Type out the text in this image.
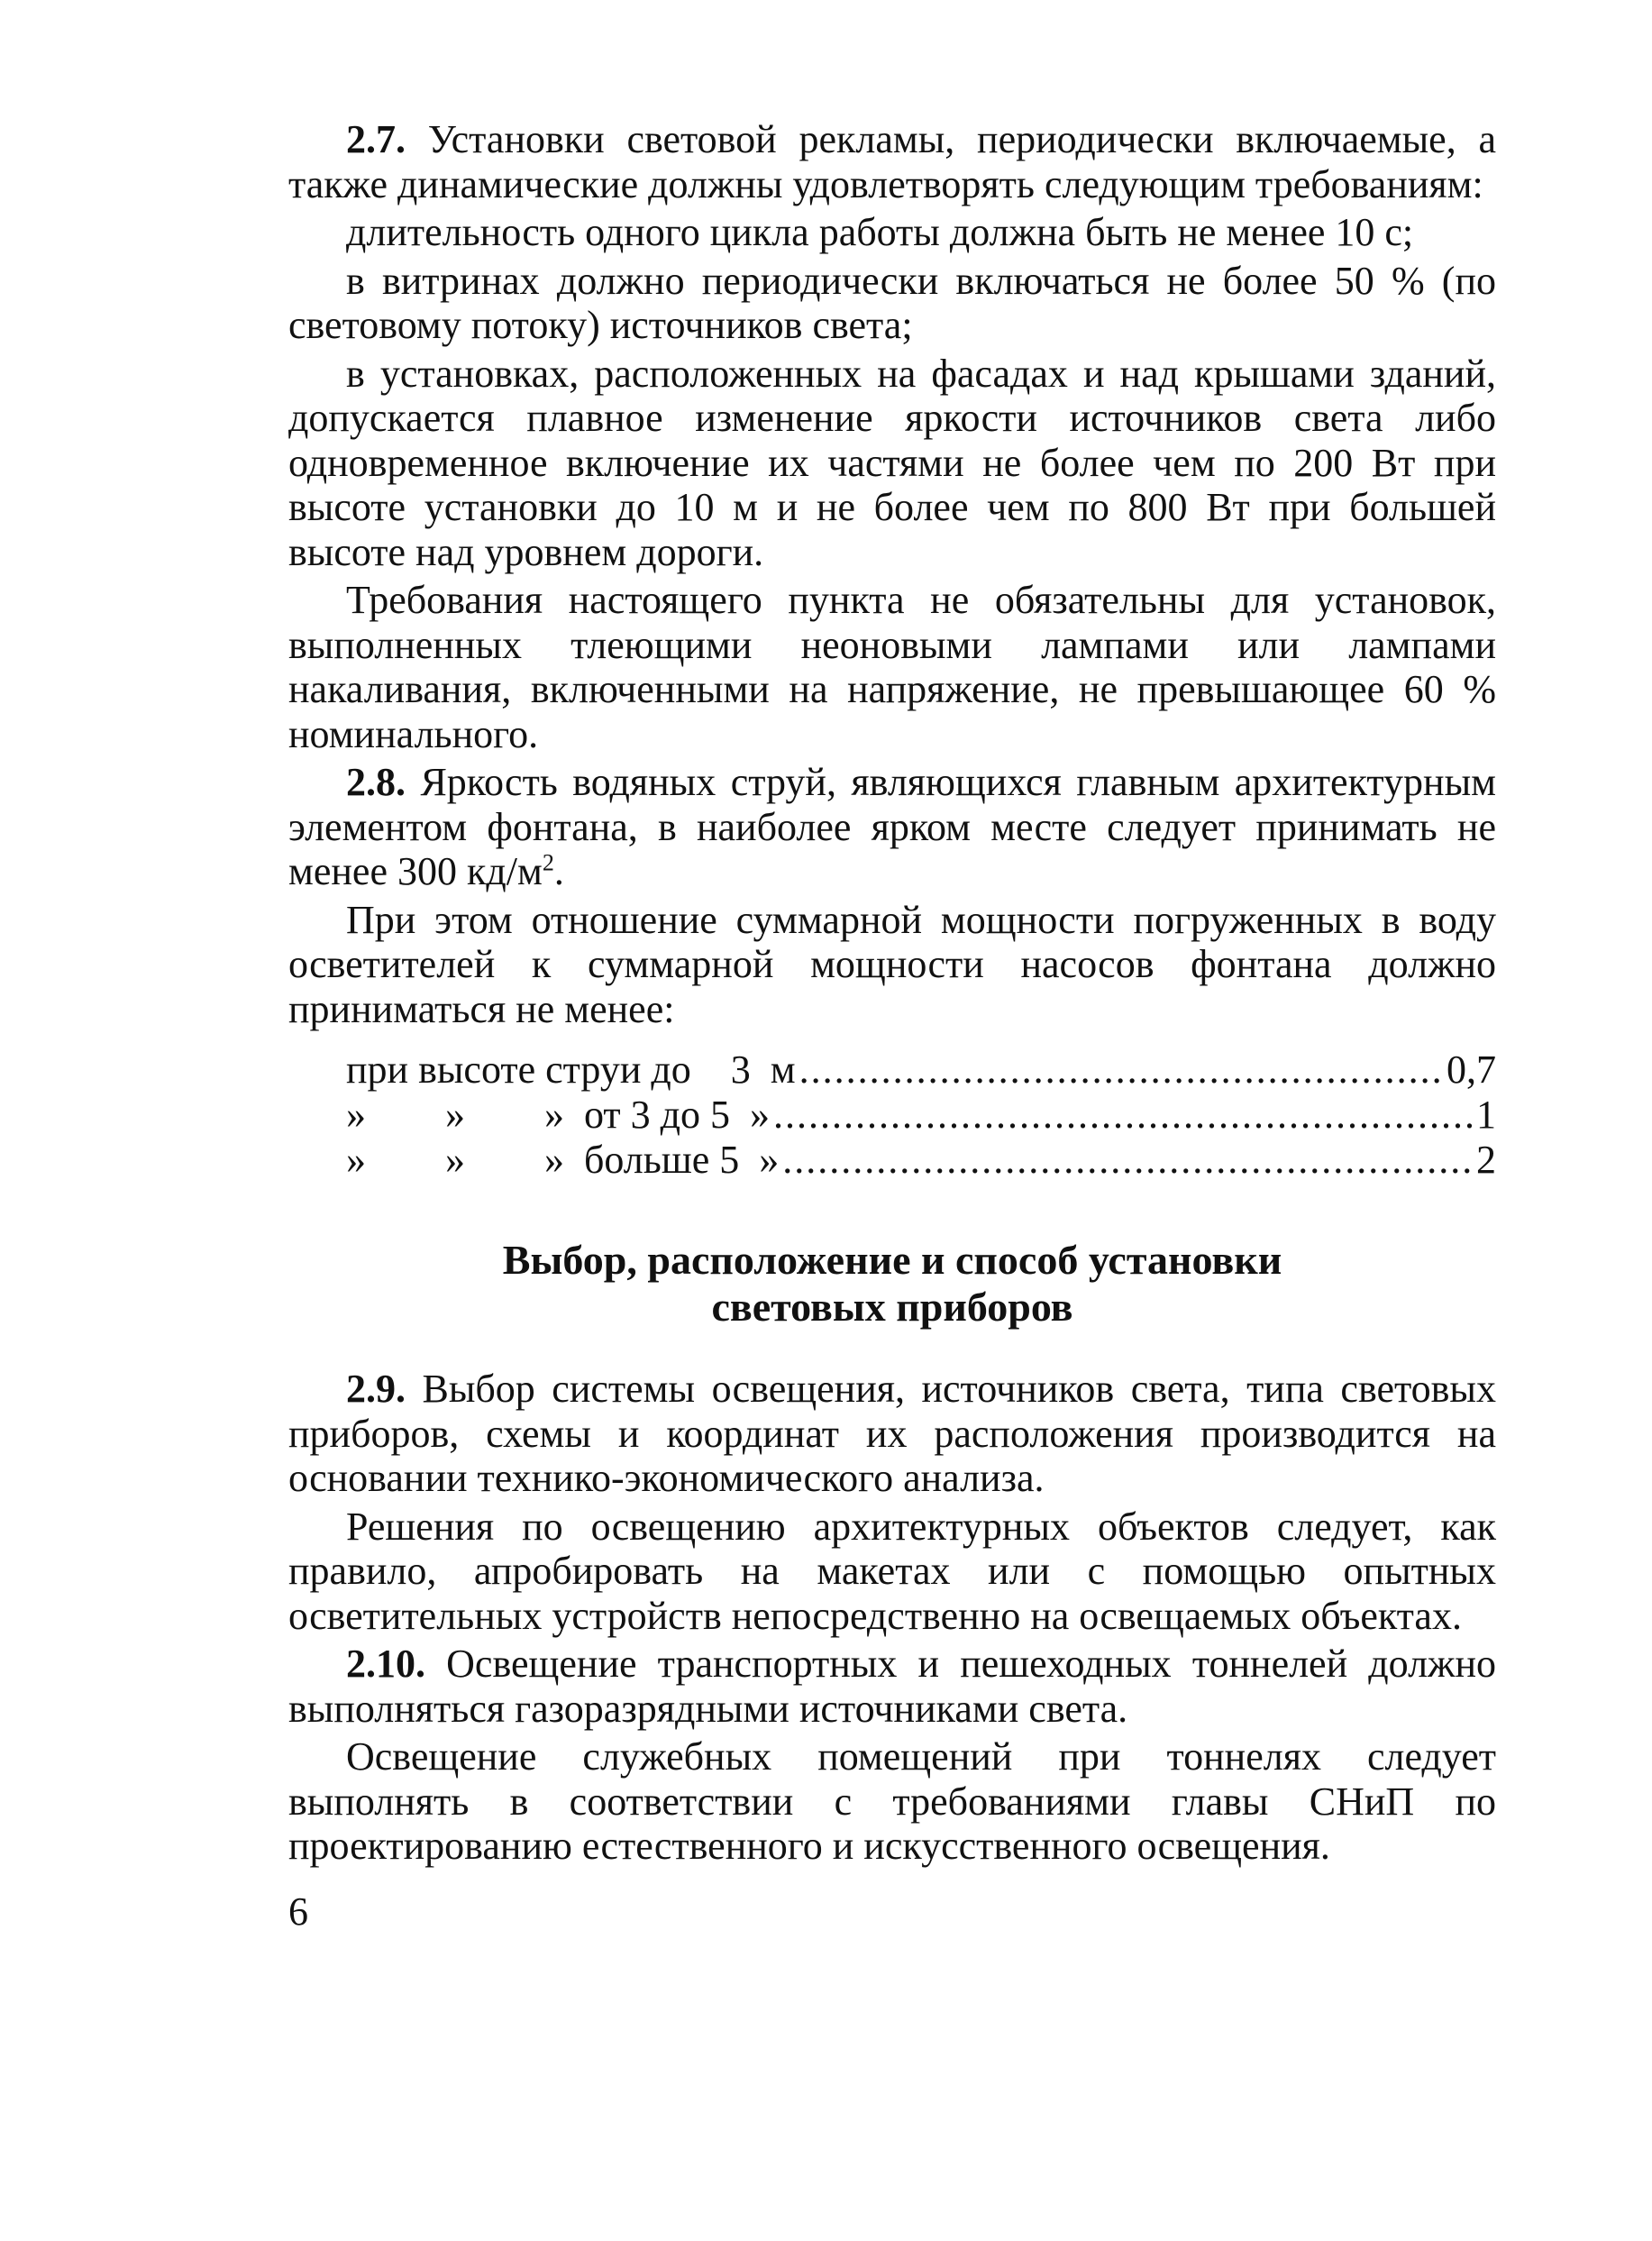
2.7. Установки световой рекламы, периодически включаемые, а также динамические должны удовлетворять следующим требованиям:

длительность одного цикла работы должна быть не менее 10 с;

в витринах должно периодически включаться не более 50 % (по световому потоку) источников света;

в установках, расположенных на фасадах и над крышами зданий, допускается плавное изменение яркости источников света либо одновременное включение их частями не более чем по 200 Вт при высоте установки до 10 м и не более чем по 800 Вт при большей высоте над уровнем дороги.

Требования настоящего пункта не обязательны для установок, выполненных тлеющими неоновыми лампами или лампами накаливания, включенными на напряжение, не превышающее 60 % номинального.

2.8. Яркость водяных струй, являющихся главным архитектурным элементом фонтана, в наиболее ярком месте следует принимать не менее 300 $кд/м^2$.

При этом отношение суммарной мощности погруженных в воду осветителей к суммарной мощности насосов фонтана должно приниматься не менее:

при высоте струи до    3  м .....	0,7
»        »        »  от 3 до 5  » .....	1
»        »        »  больше 5  » .....	2
Выбор, расположение и способ установки
световых приборов

2.9. Выбор системы освещения, источников света, типа световых приборов, схемы и координат их расположения производится на основании технико-экономического анализа.

Решения по освещению архитектурных объектов следует, как правило, апробировать на макетах или с помощью опытных осветительных устройств непосредственно на освещаемых объектах.

2.10. Освещение транспортных и пешеходных тоннелей должно выполняться газоразрядными источниками света.

Освещение служебных помещений при тоннелях следует выполнять в соответствии с требованиями главы СНиП по проектированию естественного и искусственного освещения.

6
